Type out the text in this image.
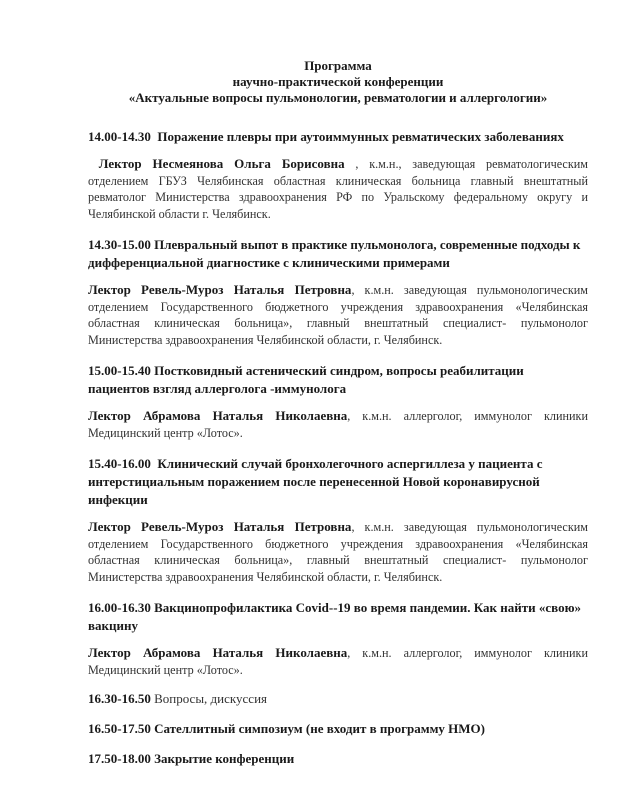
Программа
научно-практической конференции
«Актуальные вопросы пульмонологии, ревматологии и аллергологии»
14.00-14.30 Поражение плевры при аутоиммунных ревматических заболеваниях
Лектор Несмеянова Ольга Борисовна , к.м.н., заведующая ревматологическим отделением ГБУЗ Челябинская областная клиническая больница главный внештатный ревматолог Министерства здравоохранения РФ по Уральскому федеральному округу и Челябинской области г. Челябинск.
14.30-15.00 Плевральный выпот в практике пульмонолога, современные подходы к дифференциальной диагностике с клиническими примерами
Лектор Ревель-Муроз Наталья Петровна, к.м.н. заведующая пульмонологическим отделением Государственного бюджетного учреждения здравоохранения «Челябинская областная клиническая больница», главный внештатный специалист- пульмонолог Министерства здравоохранения Челябинской области, г. Челябинск.
15.00-15.40 Постковидный астенический синдром, вопросы реабилитации пациентов взгляд аллерголога -иммунолога
Лектор Абрамова Наталья Николаевна, к.м.н. аллерголог, иммунолог клиники Медицинский центр «Лотос».
15.40-16.00 Клинический случай бронхолегочного аспергиллеза у пациента с интерстициальным поражением после перенесенной Новой коронавирусной инфекции
Лектор Ревель-Муроз Наталья Петровна, к.м.н. заведующая пульмонологическим отделением Государственного бюджетного учреждения здравоохранения «Челябинская областная клиническая больница», главный внештатный специалист- пульмонолог Министерства здравоохранения Челябинской области, г. Челябинск.
16.00-16.30 Вакцинопрофилактика Covid--19 во время пандемии. Как найти «свою» вакцину
Лектор Абрамова Наталья Николаевна, к.м.н. аллерголог, иммунолог клиники Медицинский центр «Лотос».
16.30-16.50 Вопросы, дискуссия
16.50-17.50 Сателлитный симпозиум (не входит в программу НМО)
17.50-18.00 Закрытие конференции
